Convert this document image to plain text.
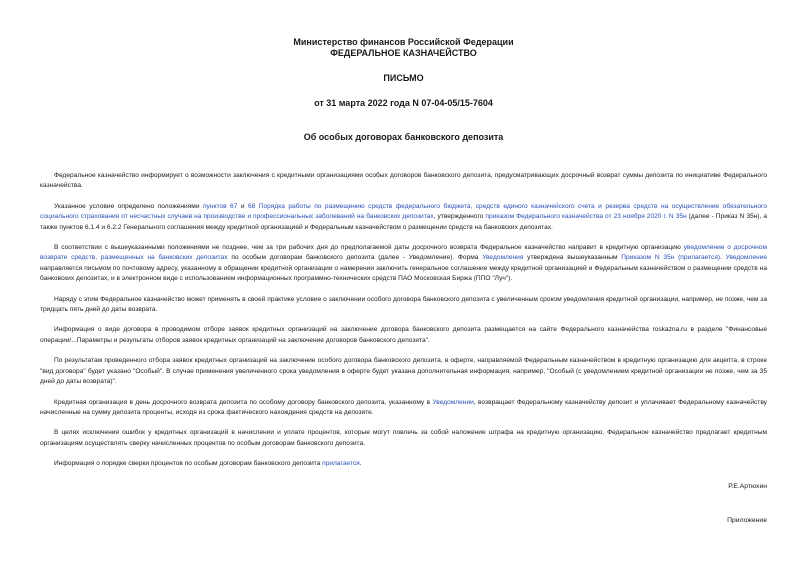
Министерство финансов Российской Федерации
ФЕДЕРАЛЬНОЕ КАЗНАЧЕЙСТВО
ПИСЬМО
от 31 марта 2022 года N 07-04-05/15-7604
Об особых договорах банковского депозита

Федеральное казначейство информирует о возможности заключения с кредитными организациями особых договоров банковского депозита, предусматривающих досрочный возврат суммы депозита по инициативе Федерального казначейства.

Указанное условие определено положениями пунктов 67 и 68 Порядка работы по размещению средств федерального бюджета, средств единого казначейского счета и резерва средств на осуществление обязательного социального страхования от несчастных случаев на производстве и профессиональных заболеваний на банковских депозитах, утвержденного приказом Федерального казначейства от 23 ноября 2020 г. N 35н (далее - Приказ N 35н), а также пунктов 6.1.4 и 6.2.2 Генерального соглашения между кредитной организацией и Федеральным казначейством о размещении средств на банковских депозитах.

В соответствии с вышеуказанными положениями не позднее, чем за три рабочих дня до предполагаемой даты досрочного возврата Федеральное казначейство направит в кредитную организацию уведомление о досрочном возврате средств, размещенных на банковских депозитах по особым договорам банковского депозита (далее - Уведомление). Форма Уведомления утверждена вышеуказанным Приказом N 35н (прилагается). Уведомление направляется письмом по почтовому адресу, указанному в обращении кредитной организации о намерении заключить генеральное соглашение между кредитной организацией и Федеральным казначейством о размещении средств на банковских депозитах, и в электронном виде с использованием информационных программно-технических средств ПАО Московская Биржа (ППО "Луч").

Наряду с этим Федеральное казначейство может применять в своей практике условие о заключении особого договора банковского депозита с увеличенным сроком уведомления кредитной организации, например, не позже, чем за тридцать пять дней до даты возврата.

Информация о виде договора в проводимом отборе заявок кредитных организаций на заключение договора банковского депозита размещается на сайте Федерального казначейства roskazna.ru в разделе "Финансовые операции/...Параметры и результаты отборов заявок кредитных организаций на заключение договоров банковского депозита".

По результатам проведенного отбора заявок кредитных организаций на заключение особого договора банковского депозита, в оферте, направляемой Федеральным казначейством в кредитную организацию для акцепта, в строке "вид договора" будет указано "Особый". В случае применения увеличенного срока уведомления в оферте будет указана дополнительная информация, например, "Особый (с уведомлением кредитной организации не позже, чем за 35 дней до даты возврата)".

Кредитная организация в день досрочного возврата депозита по особому договору банковского депозита, указанному в Уведомлении, возвращает Федеральному казначейству депозит и уплачивает Федеральному казначейству начисленные на сумму депозита проценты, исходя из срока фактического нахождения средств на депозите.

В целях исключения ошибок у кредитных организаций в начислении и уплате процентов, которые могут повлечь за собой наложение штрафа на кредитную организацию, Федеральное казначейство предлагает кредитным организациям осуществлять сверку начисленных процентов по особым договорам банковского депозита.

Информация о порядке сверки процентов по особым договорам банковского депозита прилагается.

Р.Е.Артюхин
Приложение
